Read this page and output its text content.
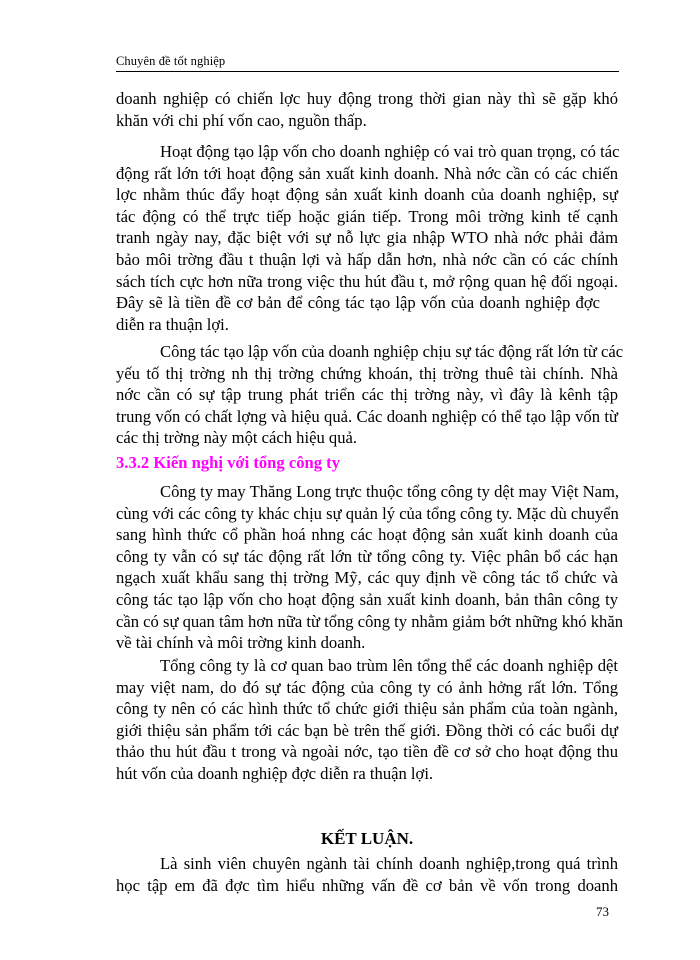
Chuyên đề tốt nghiệp
doanh nghiệp có chiến lợc huy động trong thời gian này thì sẽ gặp khó
khăn với chi phí vốn cao, nguồn thấp.
Hoạt động tạo lập vốn cho doanh nghiệp có vai trò quan trọng, có tác
động rất lớn tới hoạt động sản xuất kinh doanh. Nhà nớc cần có các chiến
lợc nhằm thúc đẩy hoạt động sản xuất kinh doanh của doanh nghiệp, sự
tác động có thể trực tiếp hoặc gián tiếp. Trong môi trờng kinh tế cạnh
tranh ngày nay, đặc biệt với sự nỗ lực gia nhập WTO nhà nớc phải đảm
bảo môi trờng đầu t thuận lợi và hấp dẫn hơn, nhà nớc cần có các chính
sách tích cực hơn nữa trong việc thu hút đầu t, mở rộng quan hệ đối ngoại.
Đây sẽ là tiền đề cơ bản để công tác tạo lập vốn của doanh nghiệp đợc
diễn ra thuận lợi.
Công tác tạo lập vốn của doanh nghiệp chịu sự tác động rất lớn từ các
yếu tố thị trờng nh thị trờng chứng khoán, thị trờng thuê tài chính. Nhà
nớc cần có sự tập trung phát triển các thị trờng này, vì đây là kênh tập
trung vốn có chất lợng và hiệu quả. Các doanh nghiệp có thể tạo lập vốn từ
các thị trờng này một cách hiệu quả.
3.3.2 Kiến nghị với tổng công ty
Công ty may Thăng Long trực thuộc tổng công ty dệt may Việt Nam,
cùng với các công ty khác chịu sự quản lý của tổng công ty. Mặc dù chuyển
sang hình thức cổ phần hoá nhng các hoạt động sản xuất kinh doanh của
công ty vẫn có sự tác động rất lớn từ tổng công ty. Việc phân bổ các hạn
ngạch xuất khẩu sang thị trờng Mỹ, các quy định về công tác tổ chức và
công tác tạo lập vốn cho hoạt động sản xuất kinh doanh, bản thân công ty
cần có sự quan tâm hơn nữa từ tổng công ty nhằm giảm bớt những khó khăn
về tài chính và môi trờng kinh doanh.
Tổng công ty là cơ quan bao trùm lên tổng thể các doanh nghiệp dệt
may việt nam, do đó sự tác động của công ty có ảnh hởng rất lớn. Tổng
công ty nên có các hình thức tổ chức giới thiệu sản phẩm của toàn ngành,
giới thiệu sản phẩm tới các bạn bè trên thế giới. Đồng thời có các buổi dự
thảo thu hút đầu t trong và ngoài nớc, tạo tiền đề cơ sở cho hoạt động thu
hút vốn của doanh nghiệp đợc diễn ra thuận lợi.
KẾT LUẬN.
Là sinh viên chuyên ngành tài chính doanh nghiệp,trong quá trình
học tập em đã đợc tìm hiểu những vấn đề cơ bản về vốn trong doanh
73
